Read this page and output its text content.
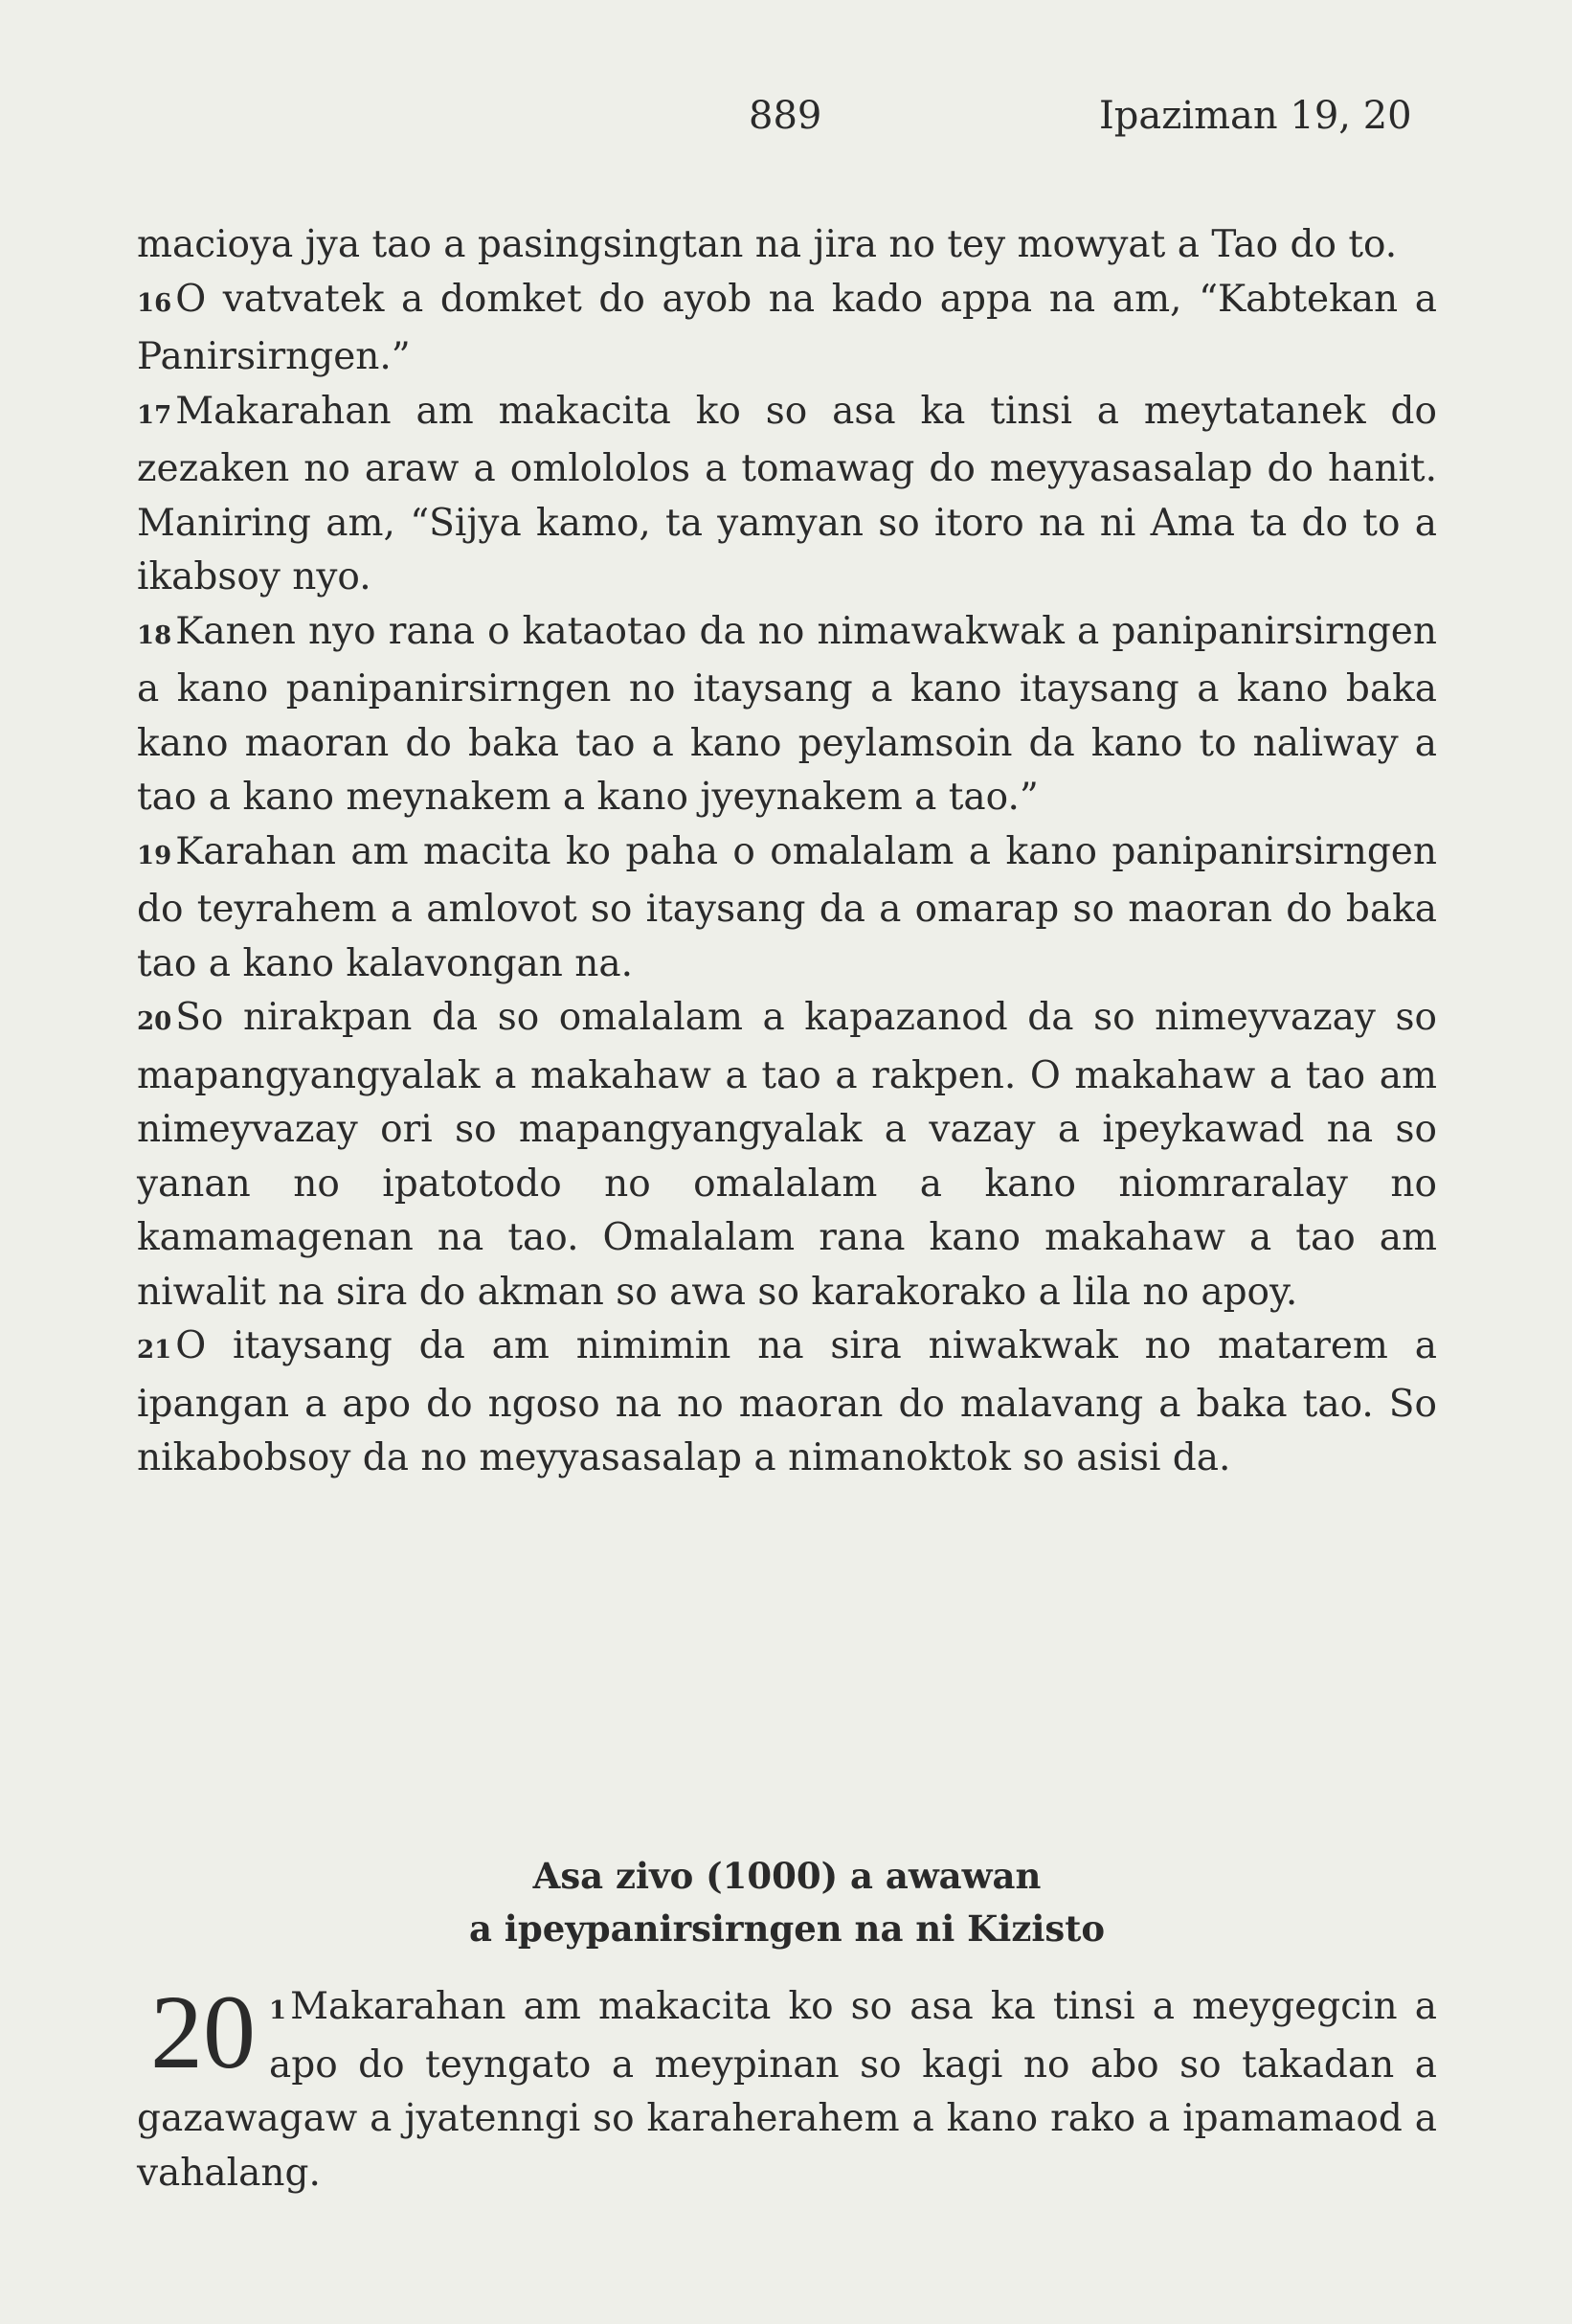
889	Ipaziman 19, 20

macioya jya tao a pasingsingtan na jira no tey mowyat a Tao do to.

16 O vatvatek a domket do ayob na kado appa na am, “Kabtekan a Panirsirngen.”

17 Makarahan am makacita ko so asa ka tinsi a meytatanek do zezaken no araw a omlololos a tomawag do meyyasasalap do hanit. Maniring am, “Sijya kamo, ta yamyan so itoro na ni Ama ta do to a ikabsoy nyo.

18 Kanen nyo rana o kataotao da no nimawakwak a panipanirsirngen a kano panipanirsirngen no itaysang a kano itaysang a kano baka kano maoran do baka tao a kano peylamsoin da kano to naliway a tao a kano meynakem a kano jyeynakem a tao.”

19 Karahan am macita ko paha o omalalam a kano panipanirsirngen do teyrahem a amlovot so itaysang da a omarap so maoran do baka tao a kano kalavongan na.

20 So nirakpan da so omalalam a kapazanod da so nimeyvazay so mapangyangyalak a makahaw a tao a rakpen. O makahaw a tao am nimeyvazay ori so mapangyangyalak a vazay a ipeykawad na so yanan no ipatotodo no omalalam a kano niomraralay no kamamagenan na tao. Omalalam rana kano makahaw a tao am niwalit na sira do akman so awa so karakorako a lila no apoy.

21 O itaysang da am nimimin na sira niwakwak no matarem a ipangan a apo do ngoso na no maoran do malavang a baka tao. So nikabobsoy da no meyyasasalap a nimanoktok so asisi da.

Asa zivo (1000) a awawan
a ipeypanirsirngen na ni Kizisto
20 1 Makarahan am makacita ko so asa ka tinsi a meygegcin a apo do teyngato a meypinan so kagi no abo so takadan a gazawagaw a jyatenngi so karaherahem a kano rako a ipamamaod a vahalang.
